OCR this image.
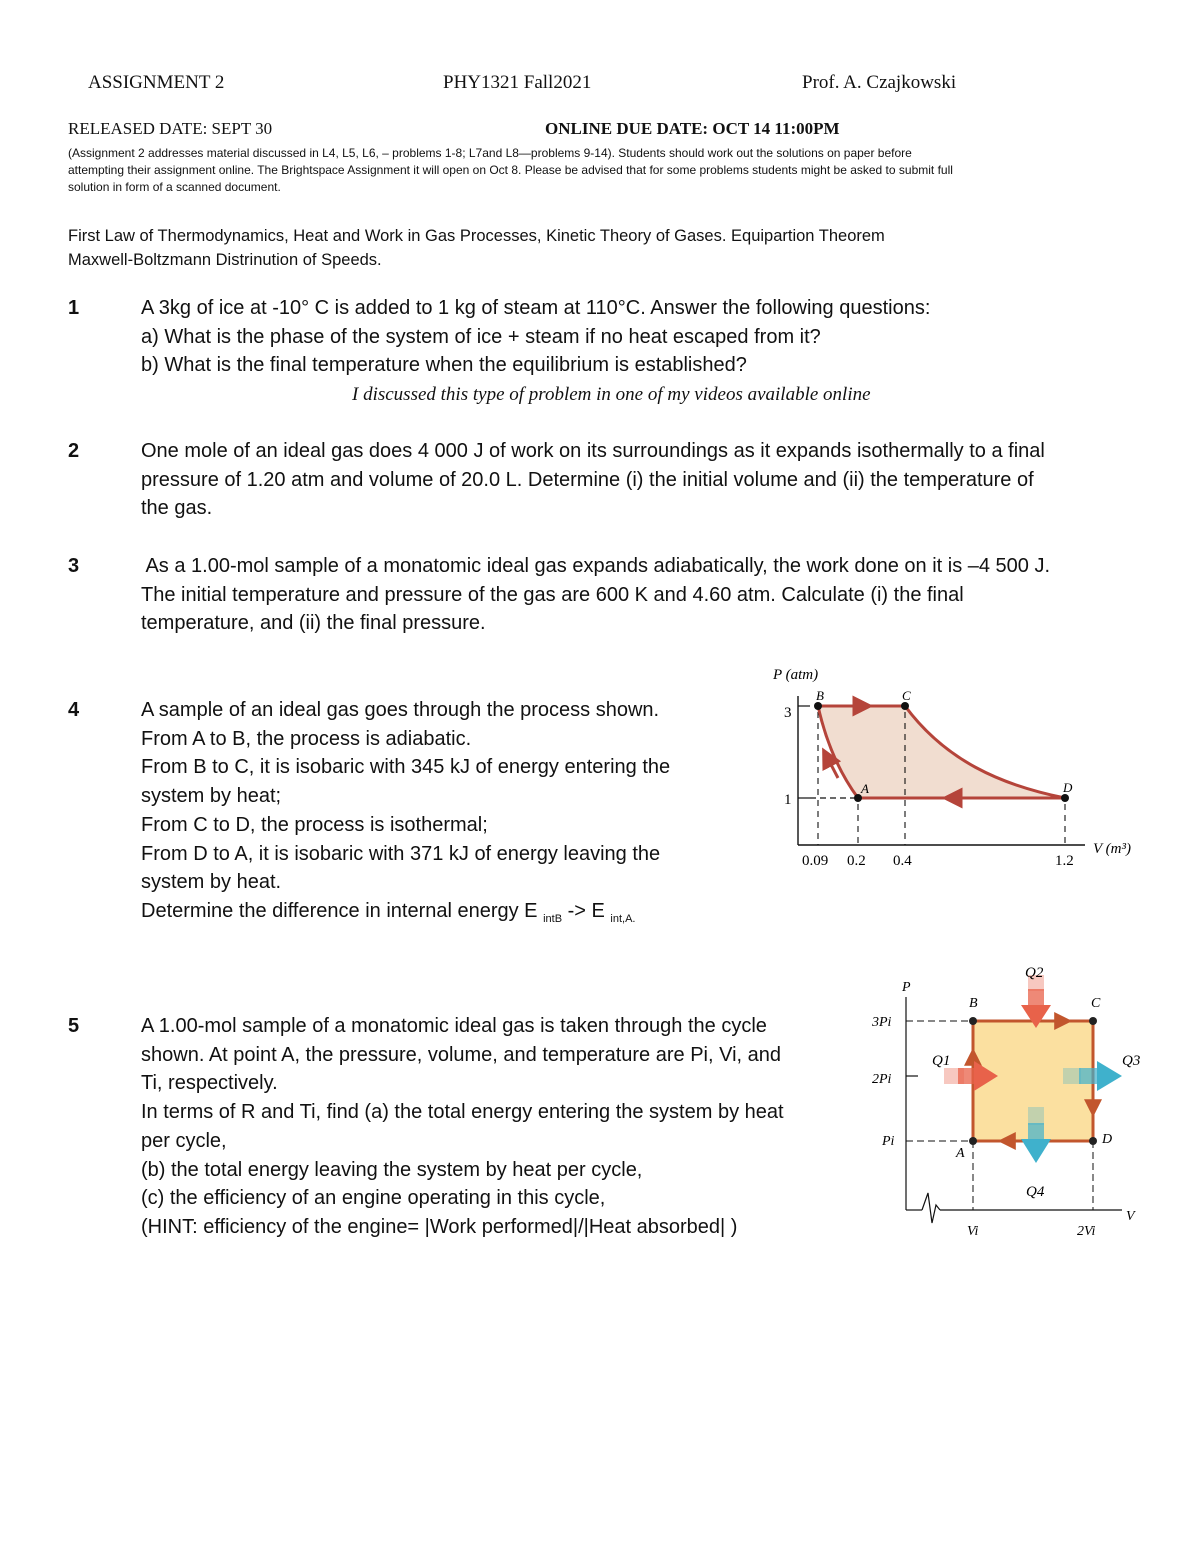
ASSIGNMENT 2	PHY1321 Fall2021	Prof. A. Czajkowski
RELEASED DATE: SEPT 30	ONLINE DUE DATE: OCT 14 11:00PM
(Assignment 2 addresses material discussed in L4, L5, L6, – problems 1-8; L7and L8—problems 9-14). Students should work out the solutions on paper before
attempting their assignment online. The Brightspace Assignment it will open on Oct 8. Please be advised that for some problems students might be asked to submit full
solution in form of a scanned document.
First Law of Thermodynamics, Heat and Work in Gas Processes, Kinetic Theory of Gases. Equipartion Theorem
Maxwell-Boltzmann Distrinution of Speeds.
1	A 3kg of ice at -10° C is added to 1 kg of steam at 110°C. Answer the following questions:
a) What is the phase of the system of ice + steam if no heat escaped from it?
b) What is the final temperature when the equilibrium is established?
I discussed this type of problem in one of my videos available online
2	One mole of an ideal gas does 4 000 J of work on its surroundings as it expands isothermally to a final
pressure of 1.20 atm and volume of 20.0 L. Determine (i) the initial volume and (ii) the temperature of
the gas.
3	As a 1.00-mol sample of a monatomic ideal gas expands adiabatically, the work done on it is –4 500 J.
The initial temperature and pressure of the gas are 600 K and 4.60 atm. Calculate (i) the final
temperature, and (ii) the final pressure.
4	A sample of an ideal gas goes through the process shown.
From A to B, the process is adiabatic.
From B to C, it is isobaric with 345 kJ of energy entering the
system by heat;
From C to D, the process is isothermal;
From D to A, it is isobaric with 371 kJ of energy leaving the
system by heat.
Determine the difference in internal energy E $_{intB}$ -> E $_{int,A.}$
P (atm)
3
1
A
B	C
D
0.09 0.2 0.4	1.2
V (m³)
5	A 1.00-mol sample of a monatomic ideal gas is taken through the cycle
shown. At point A, the pressure, volume, and temperature are Pi, Vi, and
Ti, respectively.
In terms of R and Ti, find (a) the total energy entering the system by heat
per cycle,
(b) the total energy leaving the system by heat per cycle,
(c) the efficiency of an engine operating in this cycle,
(HINT: efficiency of the engine= |Work performed|/|Heat absorbed| )
P
V
3Pi
2Pi
Pi
Vi	2Vi
A
B	C
D
Q1
Q2
Q3
Q4
